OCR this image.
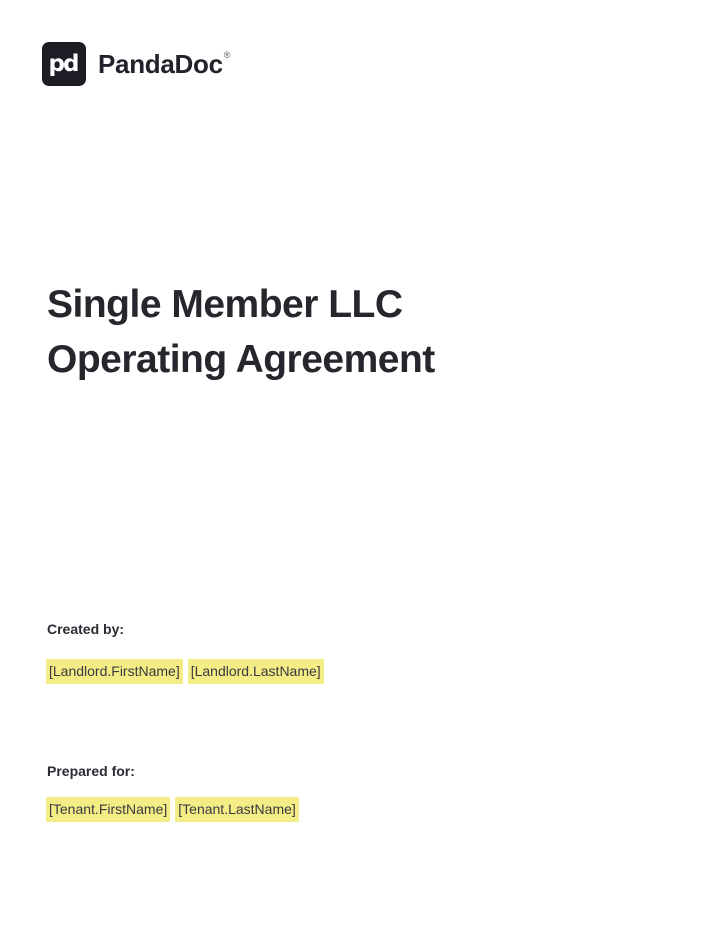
pd PandaDoc ®
Single Member LLC
Operating Agreement

Created by:

[Landlord.FirstName] [Landlord.LastName]

Prepared for:

[Tenant.FirstName] [Tenant.LastName]
